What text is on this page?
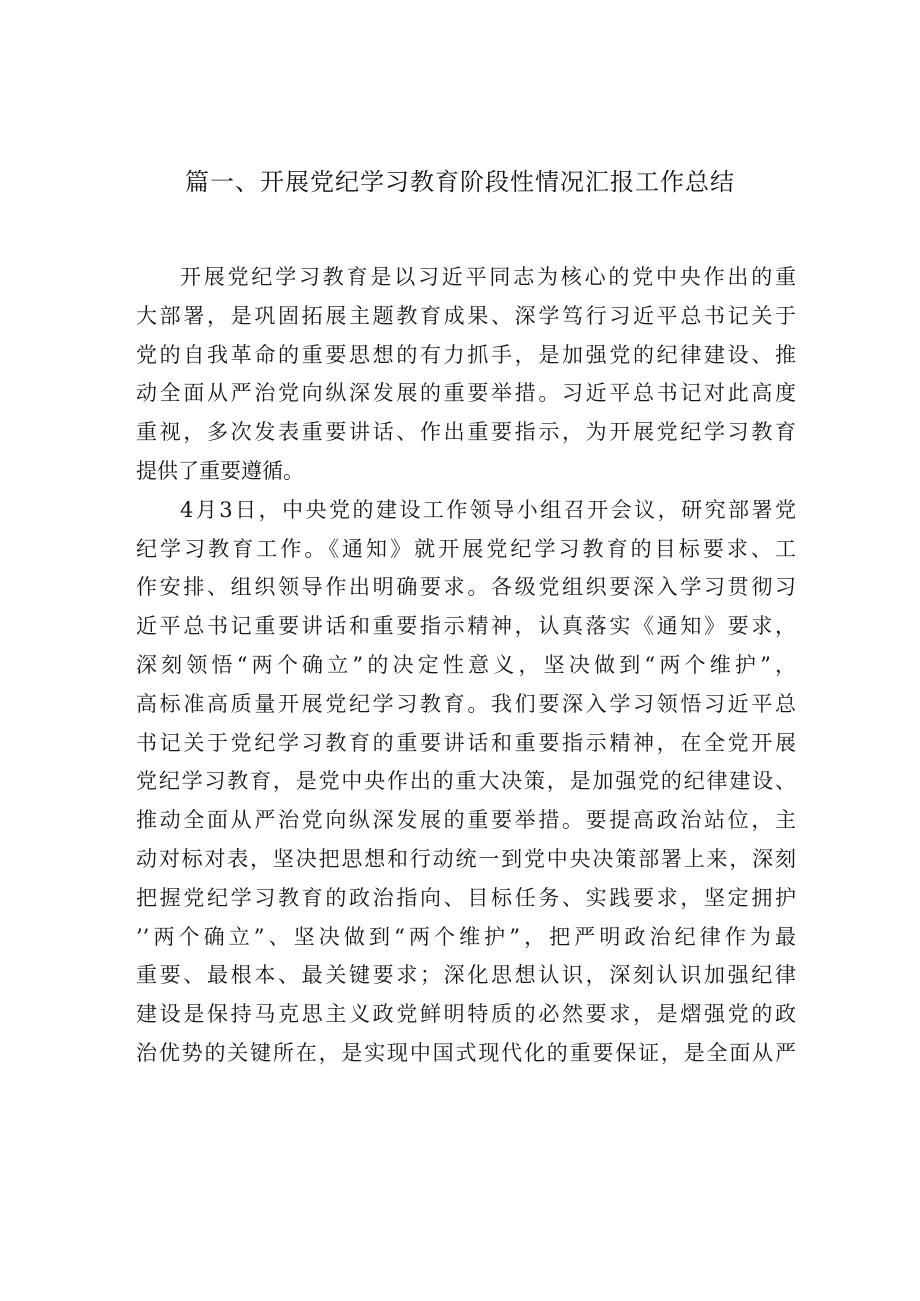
篇一、开展党纪学习教育阶段性情况汇报工作总结
开展党纪学习教育是以习近平同志为核心的党中央作出的重
大部署，是巩固拓展主题教育成果、深学笃行习近平总书记关于
党的自我革命的重要思想的有力抓手，是加强党的纪律建设、推
动全面从严治党向纵深发展的重要举措。习近平总书记对此高度
重视，多次发表重要讲话、作出重要指示，为开展党纪学习教育
提供了重要遵循。
4月3日，中央党的建设工作领导小组召开会议，研究部署党
纪学习教育工作。《通知》就开展党纪学习教育的目标要求、工
作安排、组织领导作出明确要求。各级党组织要深入学习贯彻习
近平总书记重要讲话和重要指示精神，认真落实《通知》要求，
深刻领悟“两个确立”的决定性意义，坚决做到“两个维护”，
高标准高质量开展党纪学习教育。我们要深入学习领悟习近平总
书记关于党纪学习教育的重要讲话和重要指示精神，在全党开展
党纪学习教育，是党中央作出的重大决策，是加强党的纪律建设、
推动全面从严治党向纵深发展的重要举措。要提高政治站位，主
动对标对表，坚决把思想和行动统一到党中央决策部署上来，深刻
把握党纪学习教育的政治指向、目标任务、实践要求，坚定拥护
’’两个确立”、坚决做到“两个维护”，把严明政治纪律作为最
重要、最根本、最关键要求；深化思想认识，深刻认识加强纪律
建设是保持马克思主义政党鲜明特质的必然要求，是熠强党的政
治优势的关键所在，是实现中国式现代化的重要保证，是全面从严
